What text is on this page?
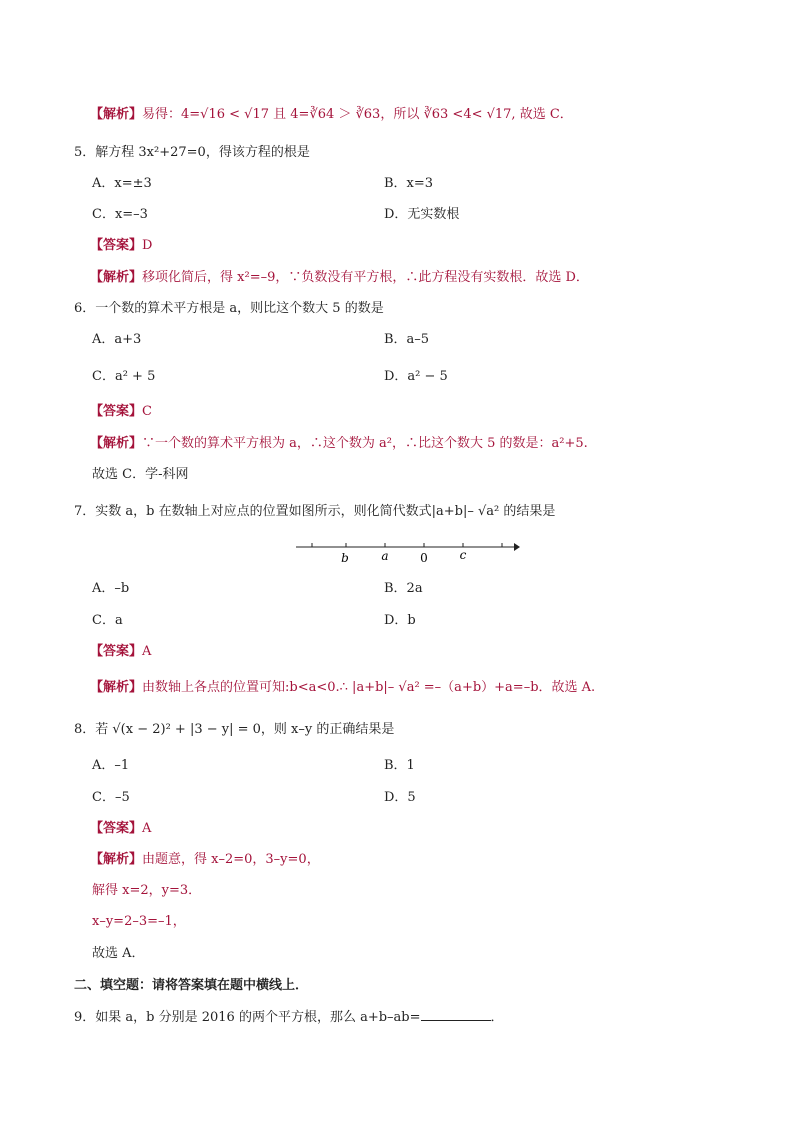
【解析】易得：4=√16 < √17 且 4=∛64 ＞ ∛63，所以 ∛63 <4< √17, 故选 C．
5．解方程 3x²+27=0，得该方程的根是
A．x=±3	B．x=3
C．x=–3	D．无实数根
【答案】D
【解析】移项化简后，得 x²=–9，∵负数没有平方根，∴此方程没有实数根．故选 D．
6．一个数的算术平方根是 a，则比这个数大 5 的数是
A．a+3	B．a–5
C．a² + 5	D．a² − 5
【答案】C
【解析】∵一个数的算术平方根为 a，∴这个数为 a²，∴比这个数大 5 的数是：a²+5.
故选 C．学-科网
7．实数 a，b 在数轴上对应点的位置如图所示，则化简代数式|a+b|– √a² 的结果是
b	a	0	c
A．–b	B．2a
C．a	D．b
【答案】A
【解析】由数轴上各点的位置可知:b<a<0.∴ |a+b|– √a² =–（a+b）+a=–b．故选 A.
8．若 √(x − 2)² + |3 − y| = 0，则 x–y 的正确结果是
A．–1	B．1
C．–5	D．5
【答案】A
【解析】由题意，得 x–2=0，3–y=0，
解得 x=2，y=3．
x–y=2–3=–1，
故选 A．
二、填空题：请将答案填在题中横线上．
9．如果 a，b 分别是 2016 的两个平方根，那么 a+b–ab=	．
